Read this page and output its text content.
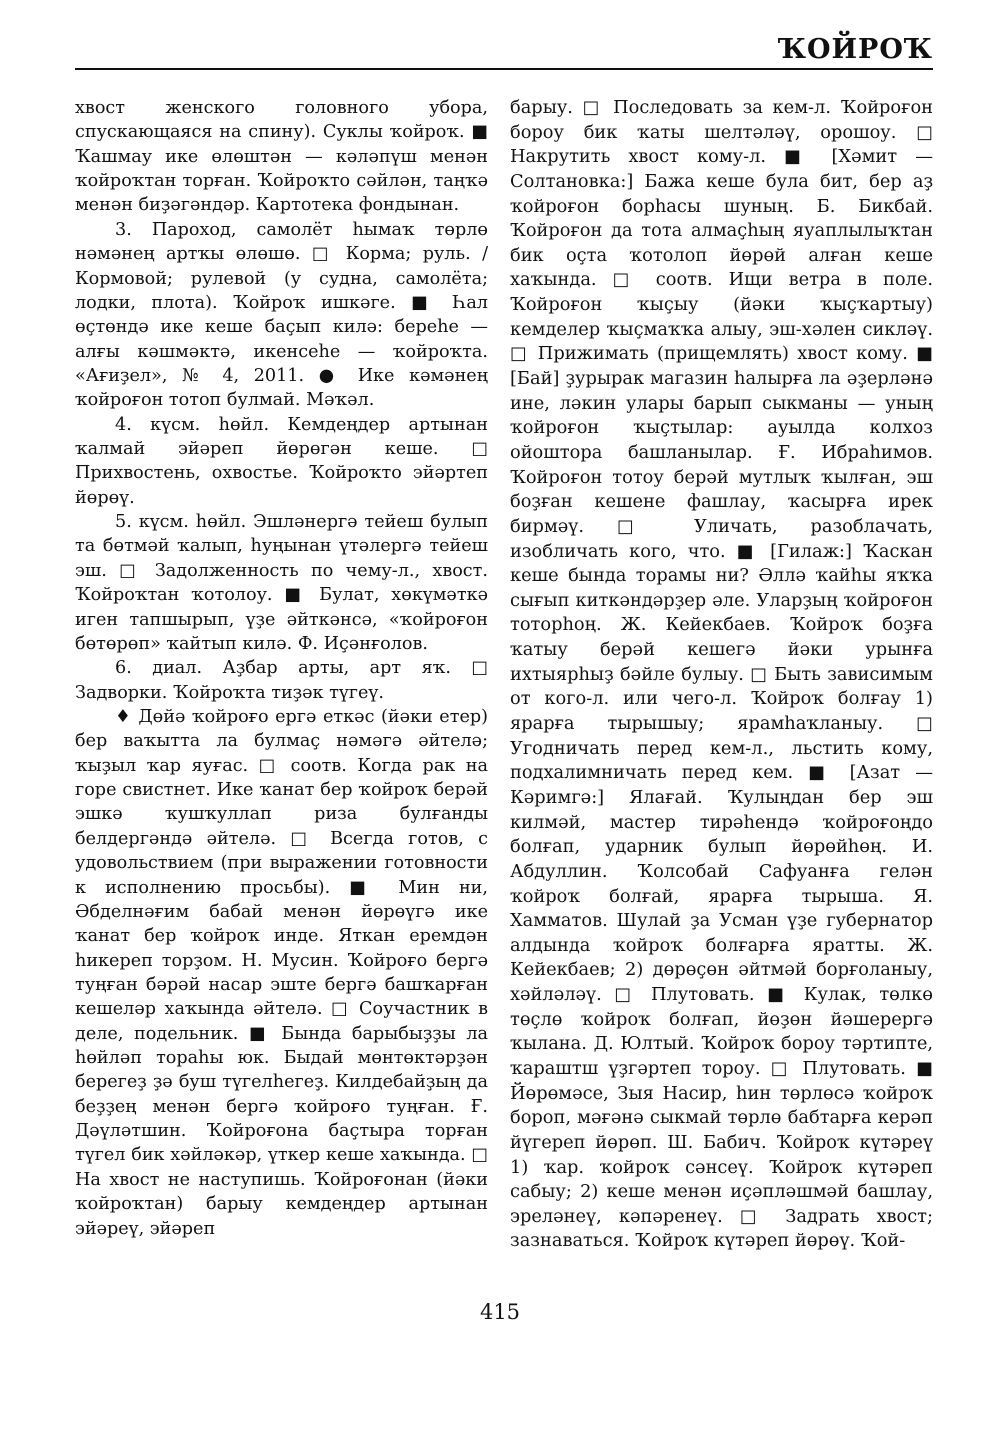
ҠОЙРОҠ

хвост женского головного убора, спускающаяся на спину). Суклы ҡойроҡ. ■ Ҡашмау ике өлөштән — кәләпүш менән ҡойроҡтан торған. Ҡойроҡто сәйлән, таңҡә менән биҙәгәндәр. Картотека фондынан.

3. Пароход, самолёт һымаҡ төрлө нәмәнең артҡы өлөшө. □ Корма; руль. / Кормовой; рулевой (у судна, самолёта; лодки, плота). Ҡойроҡ ишкәге. ■ Һал өҫтөндә ике кеше баҫып килә: береһе — алғы кәшмәктә, икенсеһе — ҡойроҡта. «Ағиҙел», № 4, 2011. ● Ике кәмәнең ҡойроғон тотоп булмай. Мәҡәл.

4. күсм. һөйл. Кемдеңдер артынан ҡалмай эйәреп йөрөгән кеше. □ Прихвостень, охвостье. Ҡойроҡто эйәртеп йөрөү.

5. күсм. һөйл. Эшләнергә тейеш булып та бөтмәй ҡалып, һуңынан үтәлергә тейеш эш. □ Задолженность по чему-л., хвост. Ҡойроҡтан ҡотолоу. ■ Булат, хөкүмәткә иген тапшырып, үҙе әйткәнсә, «ҡойроғон бөтөрөп» ҡайтып килә. Ф. Иҫәнғолов.

6. диал. Аҙбар арты, арт яҡ. □ Задворки. Ҡойроҡта тиҙәк түгеү.

♦ Дөйә ҡойроғо ергә еткәс (йәки етер) бер ваҡытта ла булмаҫ нәмәгә әйтелә; ҡыҙыл ҡар яуғас. □ соотв. Когда рак на горе свистнет. Ике ҡанат бер ҡойроҡ берәй эшкә ҡушҡуллап риза булғанды белдергәндә әйтелә. □ Всегда готов, с удовольствием (при выражении готовности к исполнению просьбы). ■ Мин ни, Әбделнәғим бабай менән йөрөүгә ике ҡанат бер ҡойроҡ инде. Яткан еремдән һикереп торҙом. Н. Мусин. Ҡойроғо бергә туңған бәрәй насар эште бергә башҡарған кешеләр хаҡында әйтелә. □ Соучастник в деле, подельник. ■ Бында барыбыҙҙы ла һөйләп тораһы юк. Быдай мөнтөктәрҙән берегеҙ ҙә буш түгелһегеҙ. Килдебайҙың да беҙҙең менән бергә ҡойроғо туңған. Ғ. Дәүләтшин. Ҡойроғона баҫтыра торған түгел бик хәйләкәр, үткер кеше хаҡында. □ На хвост не наступишь. Ҡойроғонан (йәки ҡойроҡтан) барыу кемдеңдер артынан эйәреү, эйәреп

барыу. □ Последовать за кем-л. Ҡойроғон бороу бик ҡаты шелтәләү, орошоу. □ Накрутить хвост кому-л. ■ [Хәмит — Солтановка:] Бажа кеше була бит, бер аҙ ҡойроғон борһасы шуның. Б. Бикбай. Ҡойроғон да тота алмаҫһың яуаплылыҡтан бик оҫта ҡотолоп йөрөй алған кеше хаҡында. □ соотв. Ищи ветра в поле. Ҡойроғон ҡыҫыу (йәки ҡыҫҡартыу) кемделер ҡыҫмаҡҡа алыу, эш-хәлен сикләү. □ Прижимать (прищемлять) хвост кому. ■ [Бай] ҙурырак магазин haлырға ла әҙерләнә ине, ләкин улары барып сыкманы — уның ҡойроғон ҡыҫтылар: ауылда колхоз ойоштора башланылар. Ғ. Ибраһимов. Ҡойроғон тотоу берәй мутлыҡ ҡылған, эш боҙған кешене фашлау, ҡасырға ирек бирмәү. □ Уличать, разоблачать, изобличать кого, что. ■ [Гилаж:] Ҡаскан кеше бында торамы ни? Әллә ҡайһы яҡҡа сығып киткәндәрҙер әле. Уларҙың ҡойроғон тоторһоң. Ж. Кейекбаев. Ҡойроҡ боҙға ҡатыу берәй кешегә йәки урынға ихтыярһыҙ бәйле булыу. □ Быть зависимым от кого-л. или чего-л. Ҡойроҡ болғау 1) ярарға тырышыу; ярамһаҡланыу. □ Угодничать перед кем-л., льстить кому, подхалимничать перед кем. ■ [Азат — Кәримгә:] Ялағай. Ҡулыңдан бер эш килмәй, мастер тирәһендә ҡойроғоңдо болғап, ударник булып йөрөйһөң. И. Абдуллин. Ҡолсобай Сафуанға гелән ҡойроҡ болғай, ярарға тырыша. Я. Хамматов. Шулай ҙа Усман үҙе губернатор алдында ҡойроҡ болғарға яратты. Ж. Кейекбаев; 2) дөрөҫөн әйтмәй борғоланыу, хәйләләү. □ Плутовать. ■ Кулак, төлкө төҫлө ҡойроҡ болғап, йөҙөн йәшерергә ҡылана. Д. Юлтый. Ҡойроҡ бороу тәртипте, ҡараштш үҙгәртеп тороу. □ Плутовать. ■ Йөрөмәсе, Зыя Насир, һин төрлөсә ҡойроҡ бороп, мәғәнә сыкмай төрлө бабтарға керәп йүгереп йөрөп. Ш. Бабич. Ҡойроҡ күтәреү 1) ҡар. ҡойроҡ сәнсеү. Ҡойроҡ күтәреп сабыу; 2) кеше менән иҫәпләшмәй башлау, эреләнеү, кәпәренеү. □ Задрать хвост; зазнаваться. Ҡойроҡ күтәреп йөрөү. Ҡой-

415
